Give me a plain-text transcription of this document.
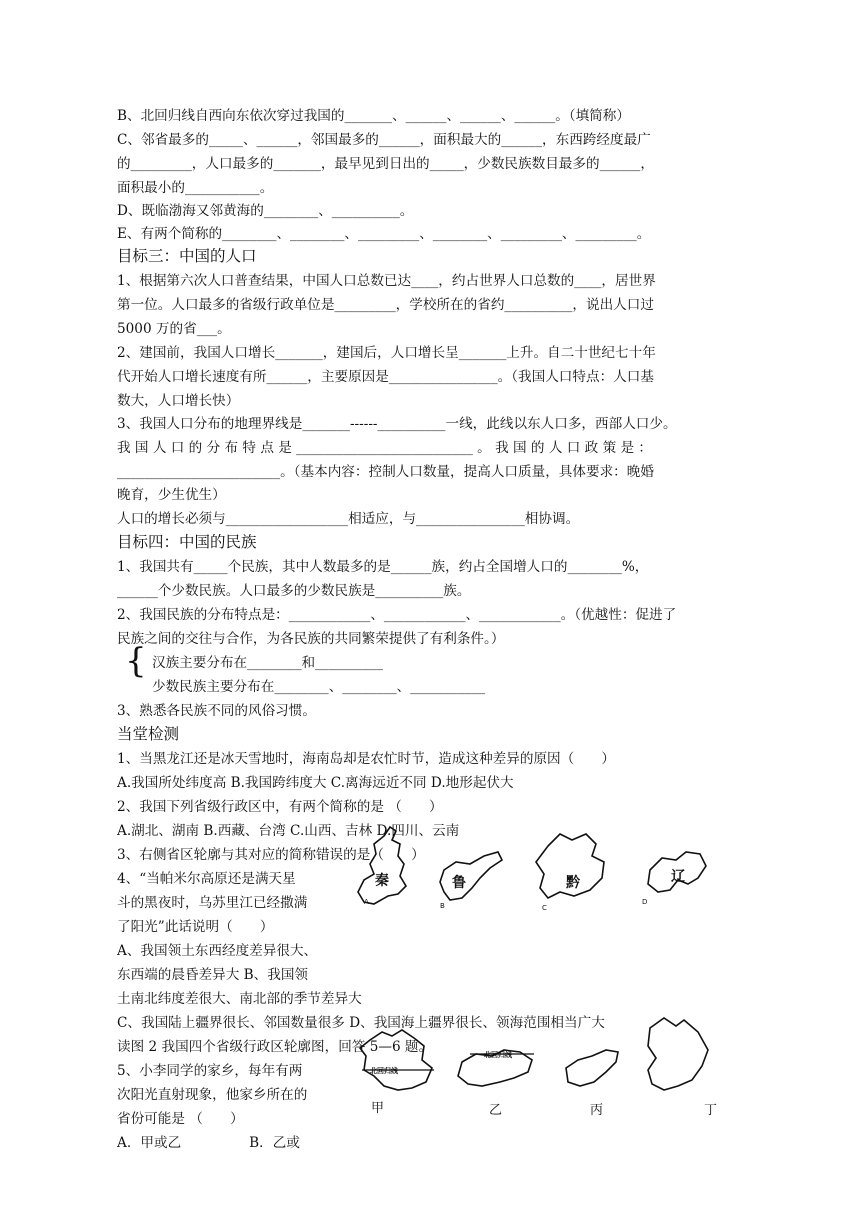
B、北回归线自西向东依次穿过我国的_______、______、______、______。（填简称）
C、邻省最多的_____、______，邻国最多的______，面积最大的______，东西跨经度最广
的_________，人口最多的_______，最早见到日出的_____，少数民族数目最多的______，
面积最小的___________。
D、既临渤海又邻黄海的________、__________。
E、有两个简称的________、________、_________、________、_________、_________。
目标三：中国的人口
1、根据第六次人口普查结果，中国人口总数已达____，约占世界人口总数的____，居世界
第一位。人口最多的省级行政单位是_________，学校所在的省约__________，说出人口过
5000 万的省___。
2、建国前，我国人口增长_______，建国后，人口增长呈_______上升。自二十世纪七十年
代开始人口增长速度有所______，主要原因是________________。（我国人口特点：人口基
数大，人口增长快）
3、我国人口分布的地理界线是_______------__________一线，此线以东人口多，西部人口少。
我 国 人 口 的 分 布 特 点 是 __________________________ 。 我 国 的 人 口 政 策 是 ：
________________________。（基本内容：控制人口数量，提高人口质量，具体要求：晚婚
晚育，少生优生）
人口的增长必须与__________________相适应，与________________相协调。
目标四：中国的民族
1、我国共有_____个民族，其中人数最多的是______族，约占全国增人口的________%，
______个少数民族。人口最多的少数民族是__________族。
2、我国民族的分布特点是：____________、____________、____________。（优越性：促进了
民族之间的交往与合作，为各民族的共同繁荣提供了有利条件。）
{ 汉族主要分布在________和__________
少数民族主要分布在________、________、___________
3、熟悉各民族不同的风俗习惯。
当堂检测
1、当黑龙江还是冰天雪地时，海南岛却是农忙时节，造成这种差异的原因（　　）
A.我国所处纬度高 B.我国跨纬度大 C.离海远近不同 D.地形起伏大
2、我国下列省级行政区中，有两个简称的是 （　　）
A.湖北、湖南 B.西藏、台湾 C.山西、吉林 D.四川、云南
3、右侧省区轮廓与其对应的简称错误的是（　　）
4、“当帕米尔高原还是满天星
斗的黑夜时，乌苏里江已经撒满
了阳光”此话说明（　　）
A、我国领土东西经度差异很大、
东西端的晨昏差异大 B、我国领
土南北纬度差很大、南北部的季节差异大
C、我国陆上疆界很长、邻国数量很多 D、我国海上疆界很长、领海范围相当广大
读图 2 我国四个省级行政区轮廓图，回答 5—6 题。
5、小李同学的家乡，每年有两
次阳光直射现象，他家乡所在的
省份可能是 （　　）
A．甲或乙　　　　　B．乙或
秦	鲁	黔	辽
A	B	C
D
北回归线
北回归线
甲	乙	丙	丁
